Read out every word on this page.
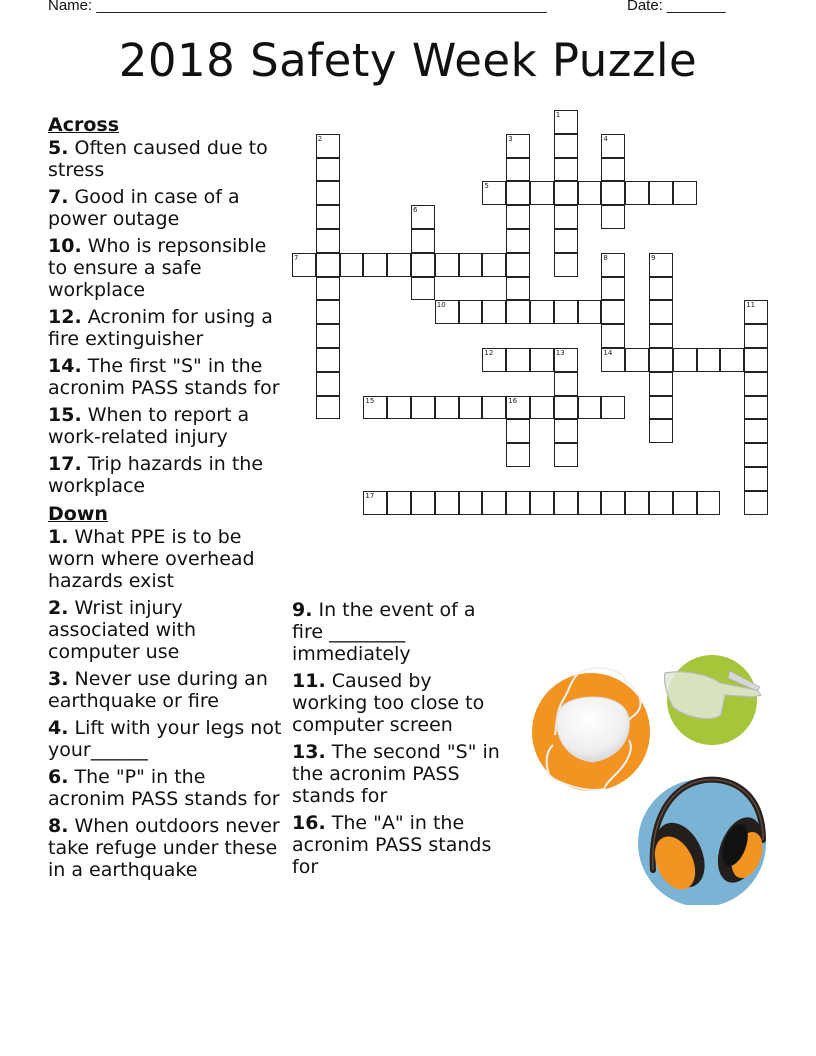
Name: ______________________________________________________	Date: _______
2018 Safety Week Puzzle

Across

5. Often caused due to stress

7. Good in case of a power outage

10. Who is repsonsible to ensure a safe workplace

12. Acronim for using a fire extinguisher

14. The first "S" in the acronim PASS stands for

15. When to report a work-related injury

17. Trip hazards in the workplace

Down

1. What PPE is to be worn where overhead hazards exist

2. Wrist injury associated with computer use

3. Never use during an earthquake or fire

4. Lift with your legs not your______

6. The "P" in the acronim PASS stands for

8. When outdoors never take refuge under these in a earthquake

9. In the event of a fire ________ immediately

11. Caused by working too close to computer screen

13. The second "S" in the acronim PASS stands for

16. The "A" in the acronim PASS stands for

1
2	3	4
5
6
7	8
14
9
10	11
12	13
15	16
17
